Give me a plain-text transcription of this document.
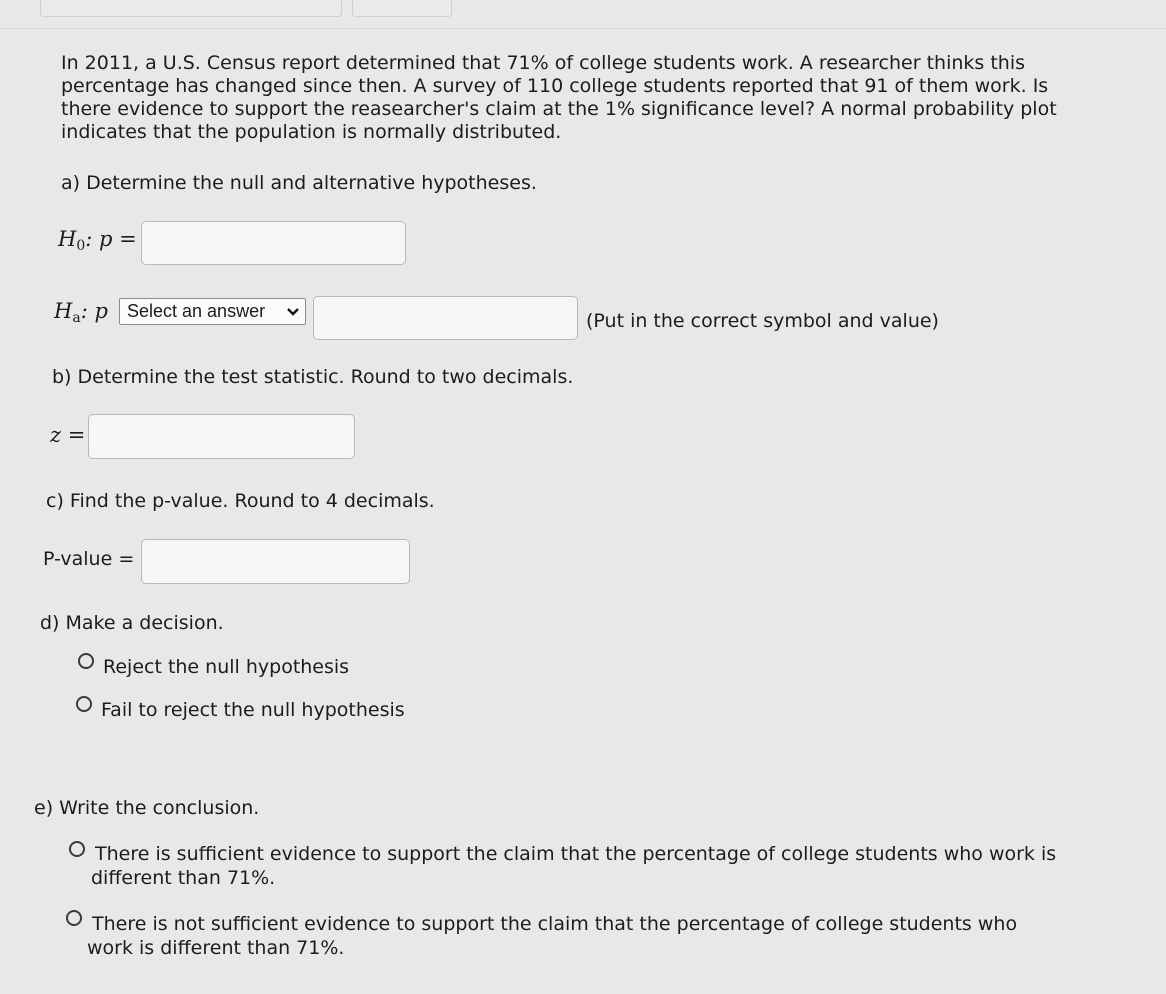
In 2011, a U.S. Census report determined that 71% of college students work. A researcher thinks this percentage has changed since then. A survey of 110 college students reported that 91 of them work. Is there evidence to support the reasearcher's claim at the 1% significance level? A normal probability plot indicates that the population is normally distributed.
a) Determine the null and alternative hypotheses.
$H_0$: p =
$H_a$: p	Select an answer	(Put in the correct symbol and value)
b) Determine the test statistic. Round to two decimals.
z =
c) Find the p-value. Round to 4 decimals.
P-value =
d) Make a decision.
Reject the null hypothesis
Fail to reject the null hypothesis
e) Write the conclusion.
There is sufficient evidence to support the claim that the percentage of college students who work is
different than 71%.
There is not sufficient evidence to support the claim that the percentage of college students who
work is different than 71%.
